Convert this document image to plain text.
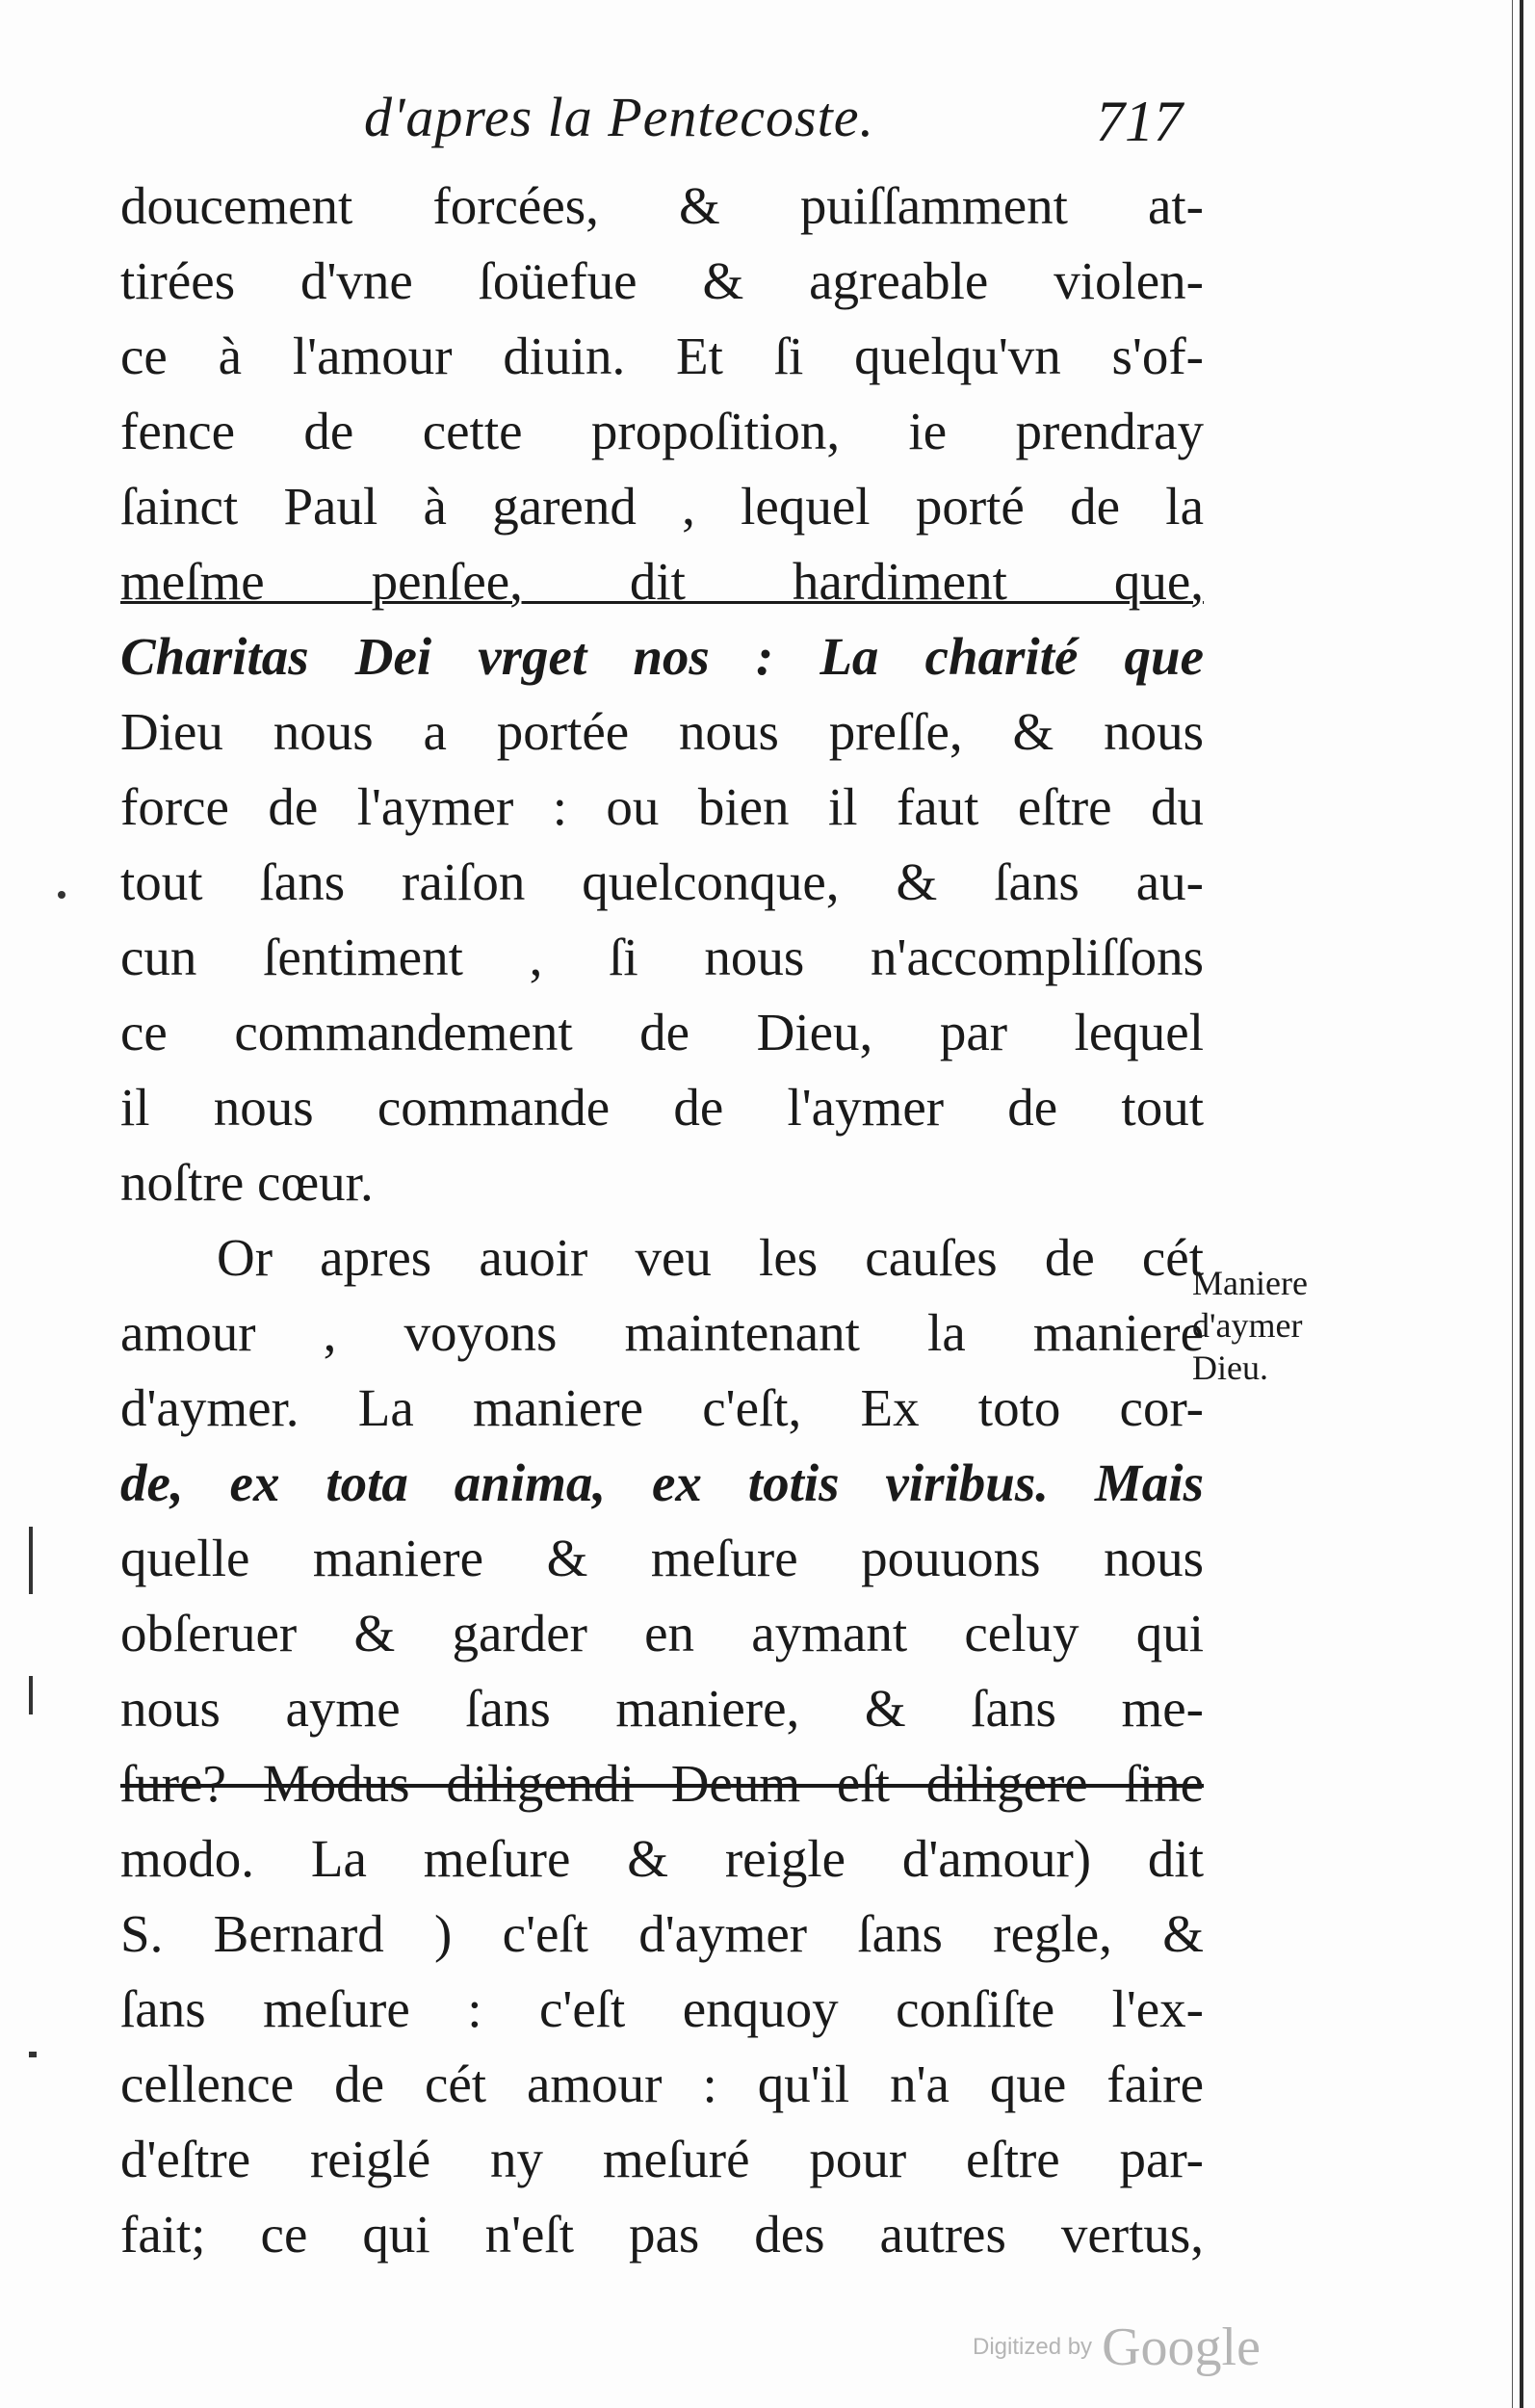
d'apres la Pentecoste.	717
doucement forcées, & puiſſamment at-
tirées d'vne ſoüefue & agreable violen-
ce à l'amour diuin. Et ſi quelqu'vn s'of-
fence de cette propoſition, ie prendray
ſainct Paul à garend , lequel porté de la
meſme penſee, dit hardiment que,
Charitas Dei vrget nos : La charité que
Dieu nous a portée nous preſſe, & nous
force de l'aymer : ou bien il faut eſtre du
tout ſans raiſon quelconque, & ſans au-
cun ſentiment , ſi nous n'accompliſſons
ce commandement de Dieu, par lequel
il nous commande de l'aymer de tout
noſtre cœur.
Or apres auoir veu les cauſes de cét
amour , voyons maintenant la maniere
d'aymer. La maniere c'eſt, Ex toto cor-
de, ex tota anima, ex totis viribus. Mais
quelle maniere & meſure pouuons nous
obſeruer & garder en aymant celuy qui
nous ayme ſans maniere, & ſans me-
ſure? Modus diligendi Deum eſt diligere ſine
modo. La meſure & reigle d'amour) dit
S. Bernard ) c'eſt d'aymer ſans regle, &
ſans meſure : c'eſt enquoy conſiſte l'ex-
cellence de cét amour : qu'il n'a que faire
d'eſtre reiglé ny meſuré pour eſtre par-
fait; ce qui n'eſt pas des autres vertus,
Maniere
d'aymer
Dieu.
Digitized by Google
